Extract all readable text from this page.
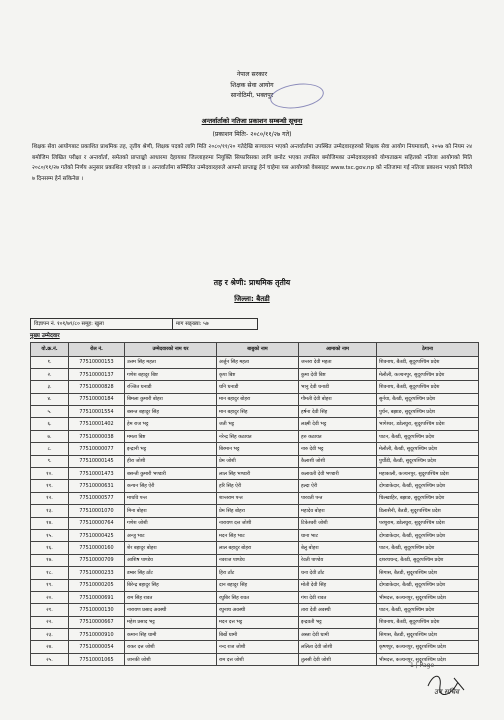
नेपाल सरकार
शिक्षक सेवा आयोग
सानोठिमी, भक्तपुर
अन्तर्वार्ताको नतिजा प्रकाशन सम्बन्धी सूचना
(प्रकाशन मितिः- २०८०/११/२७ गते)
शिक्षक सेवा आयोगबाट प्रकाशित प्राथमिक तह, तृतीय श्रेणी, शिक्षक पदको लागि मिति २०८०/११/२० गतेदेखि सञ्चालन भएको अन्तर्वार्तामा उपस्थित उम्मेदवारहरुको शिक्षक सेवा आयोग नियमावली, २०५७ को नियम २४ बमोजिम लिखित परीक्षा र अन्तर्वार्ता, समेतको प्राप्ताङ्को आधारमा देहायका जिल्लाहरुमा नियुक्ति सिफारिसका लागि छनोट भएका तपसिल बमोजिमका उम्मेदवारहरुको योग्यताक्रम सहितको नतिजा आयोगको मिति २०८०/११/२७ गतेको निर्णय अनुसार प्रकाशित गरिएको छ । अन्तर्वार्तामा सम्मिलित उम्मेदवारहरुले आफ्नो प्राप्ताङ्क हेर्न चाहेमा यस आयोगको वेबसाइट www.tsc.gov.np को नतिजामा गई नतिजा प्रकाशन भएको मितिले ७ दिनसम्म हेर्न सकिनेछ ।
तह र श्रेणी: प्राथमिक तृतीय
जिल्ला: बैतडी
विज्ञापन नं. १०१/७९/८० समूह: खुला	माग सङ्ख्या: ५७
मुख्य उम्मेदवार
यो.क्र.नं.	रोल नं.	उम्मेदवारको नाम थर	बाबुको नाम	आमाको नाम	ठेगाना
१.	77510000153	उत्तम सिंह महता	अर्जुन सिंह महता	जन्तरा देवी महता	शिवनाथ, बैतडी, सुदूरपश्चिम प्रदेश
२.	77510000137	गणेश बहादुर बिष्ट	कृपा बिष्ट	कुमा देवी बिष्ट	मेलौली, कञ्चनपुर, सुदूरपश्चिम प्रदेश
३.	77510000828	रञ्जित धनाडी	धनि धनाडी	भानु देवी धनाडी	शिवनाथ, बैतडी, सुदूरपश्चिम प्रदेश
४.	77510000184	बिमला कुमारी बोहरा	मान बहादुर बोहरा	गौमती देवी बोहरा	सुर्नया, बैतडी, सुदूरपश्चिम प्रदेश
५.	77510001554	बसन्त बहादुर सिंह	मान बहादुर सिंह	हर्षना देवी सिंह	पुर्चन, बझाङ, सुदूरपश्चिम प्रदेश
६.	77510001402	हेम राज भट्ट	जती भट्ट	लक्ष्मी देवी भट्ट	भागेश्वर, डडेलधुरा, सुदूरपश्चिम प्रदेश
७.	77510000038	ममता बिष्ट	नरेन्द्र सिंह कठायत	हरु कठायत	पाटन, बैतडी, सुदूरपश्चिम प्रदेश
८.	77510000077	इन्द्रानी भट्ट	बिरमान भट्ट	नारु देवी भट्ट	मेलौली, बैतडी, सुदूरपश्चिम प्रदेश
९.	77510000145	हीरा जोशी	प्रेम जोशी	कैलाशी जोशी	पुर्चौडी, बैतडी, सुदूरपश्चिम प्रदेश
१०.	77510001473	बसन्ती कुमारी भण्डारी	लाल सिंह भण्डारी	कलावती देवी भण्डारी	महाकाली, कञ्चनपुर, सुदूरपश्चिम प्रदेश
११.	77510000631	कन्चन सिंह ऐरी	हरि सिंह ऐरी	हल्दा ऐरी	दोगडाकेदार, बैतडी, सुदूरपश्चिम प्रदेश
१२.	77510000577	माधवि पन्त	शान्तराम पन्त	पारवती पन्त	चिल्खाहिर, बझाङ, सुदूरपश्चिम प्रदेश
१३.	77510001070	मिना बोहरा	प्रेम सिंह बोहरा	महादेव बोहरा	डिलासैनी, बैतडी, सुदूरपश्चिम प्रदेश
१४.	77510000764	गणेश जोशी	नारायण दत्त जोशी	टिकेश्वरी जोशी	परशुराम, डडेलधुरा, सुदूरपश्चिम प्रदेश
१५.	77510000425	अन्जु भाट	मदन सिंह भाट	धाना भाट	दोगडाकेदार, बैतडी, सुदूरपश्चिम प्रदेश
१६.	77510000160	शेर बहादुर बोहरा	लाल बहादुर बोहरा	बेलु बोहरा	पाटन, बैतडी, सुदूरपश्चिम प्रदेश
१७.	77510000709	आशिष पाण्डेय	नवराज पाण्डेय	रेवती पाण्डेय	दशरथचन्द, बैतडी, सुदूरपश्चिम प्रदेश
१८.	77510000233	डम्बर सिंह ठाँट	हिरा ठाँट	धना देवी ठाँट	सिगास, बैतडी, सुदूरपश्चिम प्रदेश
१९.	77510000205	बिरेन्द्र बहादुर सिंह	दान बहादुर सिंह	मोती देवी सिंह	दोगडाकेदार, बैतडी, सुदूरपश्चिम प्रदेश
२०.	77510000691	राम सिंह रावत	रघुबिर सिंह रावत	गंगा देवी रावत	भीमदत्त, कञ्चनपुर, सुदूरपश्चिम प्रदेश
२१.	77510000130	नारायण प्रसाद अवस्थी	रघुनाथ अवस्थी	तारा देवी अवस्थी	पाटन, बैतडी, सुदूरपश्चिम प्रदेश
२२.	77510000667	महेश प्रसाद भट्ट	मदन दत्त भट्ट	इन्द्रवती भट्ट	शिवनाथ, बैतडी, सुदूरपश्चिम प्रदेश
२३.	77510000910	कमान सिंह धामी	बिर्खे धामी	अस्ता देवी धामी	सिगास, बैतडी, सुदूरपश्चिम प्रदेश
२४.	77510000054	राकर दत्त जोशी	नन्द राज जोशी	ललिता देवी जोशी	कृष्णपुर, कञ्चनपुर, सुदूरपश्चिम प्रदेश
२५.	77510001065	जानकी जोशी	राम दत्त जोशी	तुलसी देवी जोशी	भीमदत्त, कञ्चनपुर, सुदूरपश्चिम प्रदेश
1 | Page
उप सचिव
